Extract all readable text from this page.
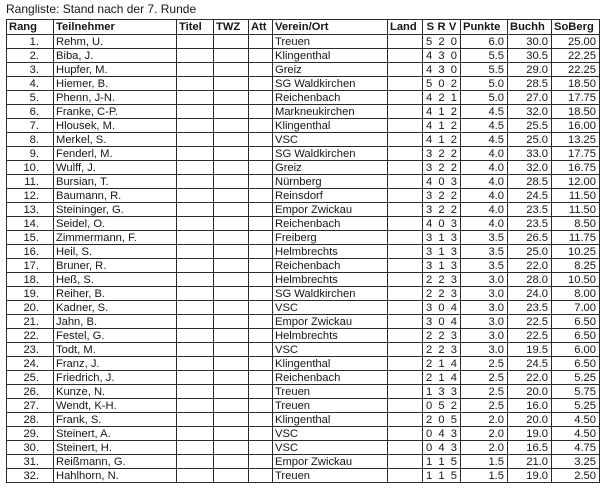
Rangliste: Stand nach der 7. Runde
Rang	Teilnehmer	Titel	TWZ	Att	Verein/Ort	Land	S R V	Punkte	Buchh	SoBerg
1.	Rehm, U.				Treuen		5 2 0	6.0	30.0	25.00
2.	Biba, J.				Klingenthal		4 3 0	5.5	30.5	22.25
3.	Hupfer, M.				Greiz		4 3 0	5.5	29.0	22.25
4.	Hiemer, B.				SG Waldkirchen		5 0 2	5.0	28.5	18.50
5.	Phenn, J-N.				Reichenbach		4 2 1	5.0	27.0	17.75
6.	Franke, C-P.				Markneukirchen		4 1 2	4.5	32.0	18.50
7.	Hlousek, M.				Klingenthal		4 1 2	4.5	25.5	16.00
8.	Merkel, S.				VSC		4 1 2	4.5	25.0	13.25
9.	Fenderl, M.				SG Waldkirchen		3 2 2	4.0	33.0	17.75
10.	Wulff, J.				Greiz		3 2 2	4.0	32.0	16.75
11.	Bursian, T.				Nürnberg		4 0 3	4.0	28.5	12.00
12.	Baumann, R.				Reinsdorf		3 2 2	4.0	24.5	11.50
13.	Steininger, G.				Empor Zwickau		3 2 2	4.0	23.5	11.50
14.	Seidel, O.				Reichenbach		4 0 3	4.0	23.5	8.50
15.	Zimmermann, F.				Freiberg		3 1 3	3.5	26.5	11.75
16.	Heil, S.				Helmbrechts		3 1 3	3.5	25.0	10.25
17.	Bruner, R.				Reichenbach		3 1 3	3.5	22.0	8.25
18.	Heß, S.				Helmbrechts		2 2 3	3.0	28.0	10.50
19.	Reiher, B.				SG Waldkirchen		2 2 3	3.0	24.0	8.00
20.	Kadner, S.				VSC		3 0 4	3.0	23.5	7.00
21.	Jahn, B.				Empor Zwickau		3 0 4	3.0	22.5	6.50
22.	Festel, G.				Helmbrechts		2 2 3	3.0	22.5	6.50
23.	Todt, M.				VSC		2 2 3	3.0	19.5	6.00
24.	Franz, J.				Klingenthal		2 1 4	2.5	24.5	6.50
25.	Friedrich, J.				Reichenbach		2 1 4	2.5	22.0	5.25
26.	Kunze, N.				Treuen		1 3 3	2.5	20.0	5.75
27.	Wendt, K-H.				Treuen		0 5 2	2.5	16.0	5.25
28.	Frank, S.				Klingenthal		2 0 5	2.0	20.0	4.50
29.	Steinert, A.				VSC		0 4 3	2.0	19.0	4.50
30.	Steinert, H.				VSC		0 4 3	2.0	16.5	4.75
31.	Reißmann, G.				Empor Zwickau		1 1 5	1.5	21.0	3.25
32.	Hahlhorn, N.				Treuen		1 1 5	1.5	19.0	2.50
